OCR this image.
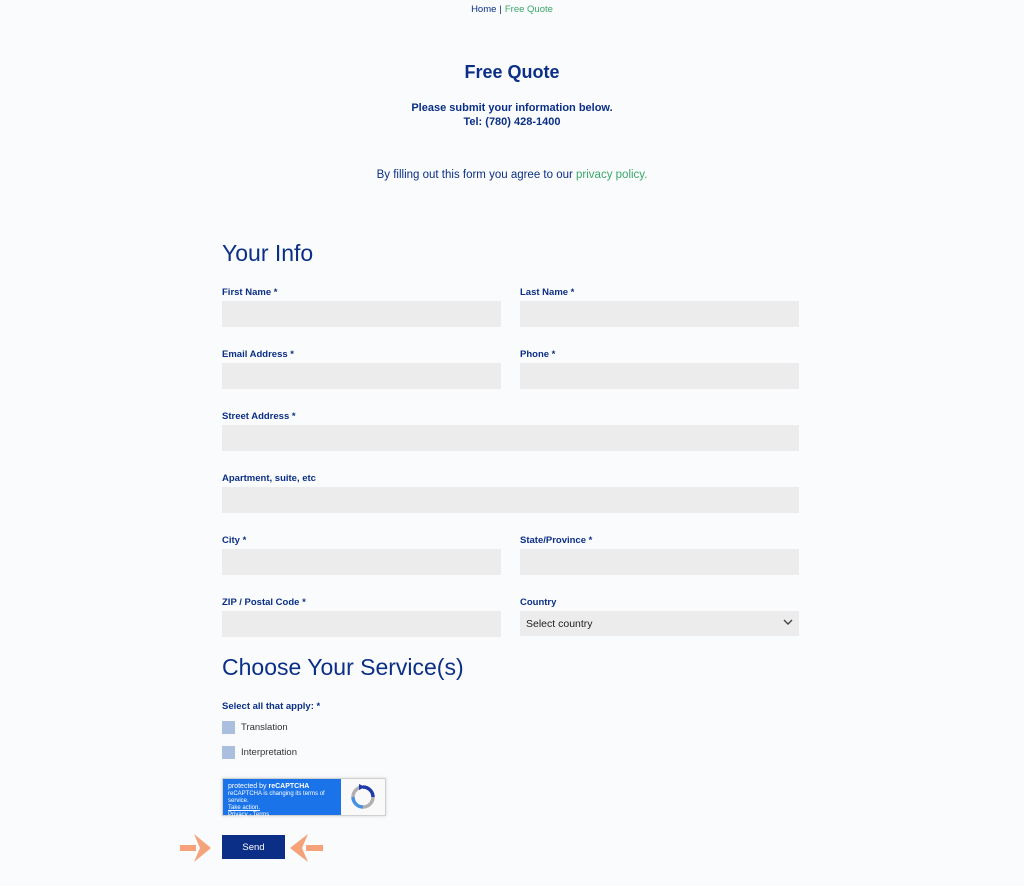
Home | Free Quote
Free Quote
Please submit your information below.
Tel: (780) 428-1400
By filling out this form you agree to our privacy policy.
Your Info
First Name *	Last Name *
Email Address *	Phone *
Street Address *
Apartment, suite, etc
City *	State/Province *
ZIP / Postal Code *	Country
Select country
Choose Your Service(s)
Select all that apply: *
Translation
Interpretation
protected by reCAPTCHA
reCAPTCHA is changing its terms of service.
Take action.
Privacy - Terms
Send
